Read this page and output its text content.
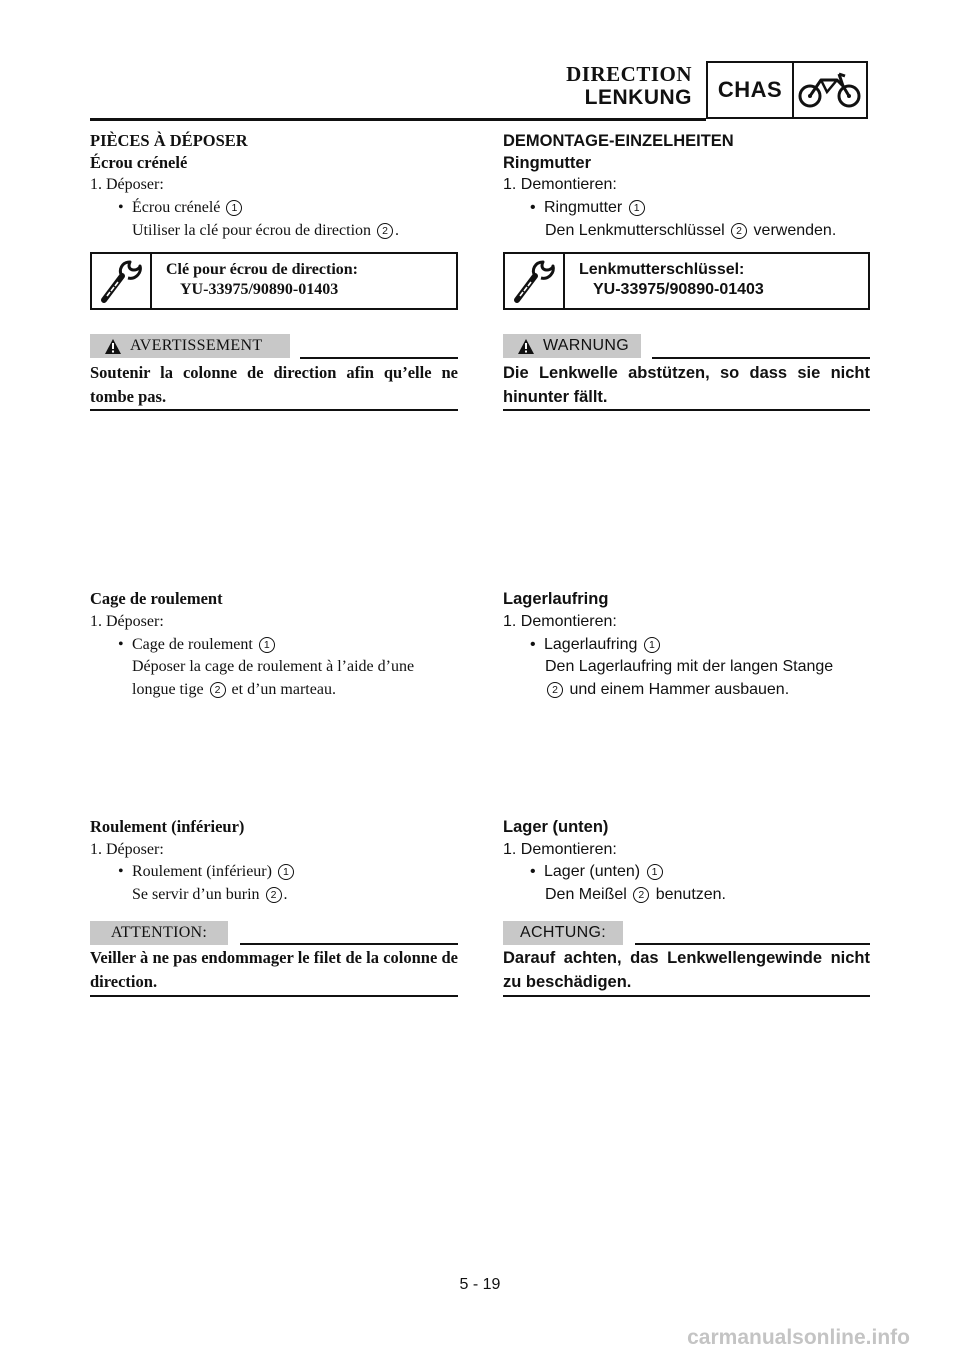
DIRECTION
LENKUNG	CHAS
PIÈCES À DÉPOSER
Écrou crénelé
1. Déposer:
• Écrou crénelé 1
Utiliser la clé pour écrou de direction 2 .
Clé pour écrou de direction:
YU-33975/90890-01403
AVERTISSEMENT
Soutenir la colonne de direction afin qu’elle ne tombe pas.
Cage de roulement
1. Déposer:
• Cage de roulement 1
Déposer la cage de roulement à l’aide d’une
longue tige 2 et d’un marteau.
Roulement (inférieur)
1. Déposer:
• Roulement (inférieur) 1
Se servir d’un burin 2 .
ATTENTION:
Veiller à ne pas endommager le filet de la colonne de direction.
DEMONTAGE-EINZELHEITEN
Ringmutter
1. Demontieren:
• Ringmutter 1
Den Lenkmutterschlüssel 2 verwenden.
Lenkmutterschlüssel:
YU-33975/90890-01403
WARNUNG
Die Lenkwelle abstützen, so dass sie nicht hinunter fällt.
Lagerlaufring
1. Demontieren:
• Lagerlaufring 1
Den Lagerlaufring mit der langen Stange
2 und einem Hammer ausbauen.
Lager (unten)
1. Demontieren:
• Lager (unten) 1
Den Meißel 2 benutzen.
ACHTUNG:
Darauf achten, das Lenkwellengewinde nicht zu beschädigen.
5 - 19
carmanualsonline.info
